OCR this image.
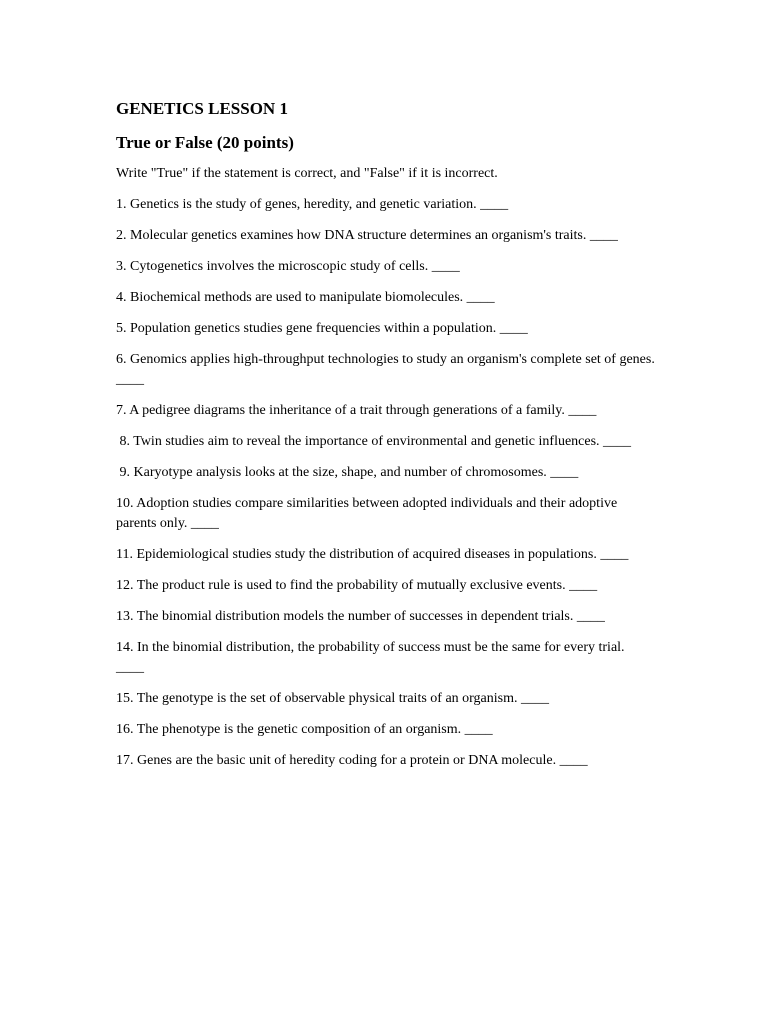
GENETICS LESSON 1
True or False (20 points)
Write "True" if the statement is correct, and "False" if it is incorrect.
1. Genetics is the study of genes, heredity, and genetic variation. ____
2. Molecular genetics examines how DNA structure determines an organism's traits. ____
3. Cytogenetics involves the microscopic study of cells. ____
4. Biochemical methods are used to manipulate biomolecules. ____
5. Population genetics studies gene frequencies within a population. ____
6. Genomics applies high-throughput technologies to study an organism's complete set of genes. ____
7. A pedigree diagrams the inheritance of a trait through generations of a family. ____
8. Twin studies aim to reveal the importance of environmental and genetic influences. ____
9. Karyotype analysis looks at the size, shape, and number of chromosomes. ____
10. Adoption studies compare similarities between adopted individuals and their adoptive parents only. ____
11. Epidemiological studies study the distribution of acquired diseases in populations. ____
12. The product rule is used to find the probability of mutually exclusive events. ____
13. The binomial distribution models the number of successes in dependent trials. ____
14. In the binomial distribution, the probability of success must be the same for every trial. ____
15. The genotype is the set of observable physical traits of an organism. ____
16. The phenotype is the genetic composition of an organism. ____
17. Genes are the basic unit of heredity coding for a protein or DNA molecule. ____
